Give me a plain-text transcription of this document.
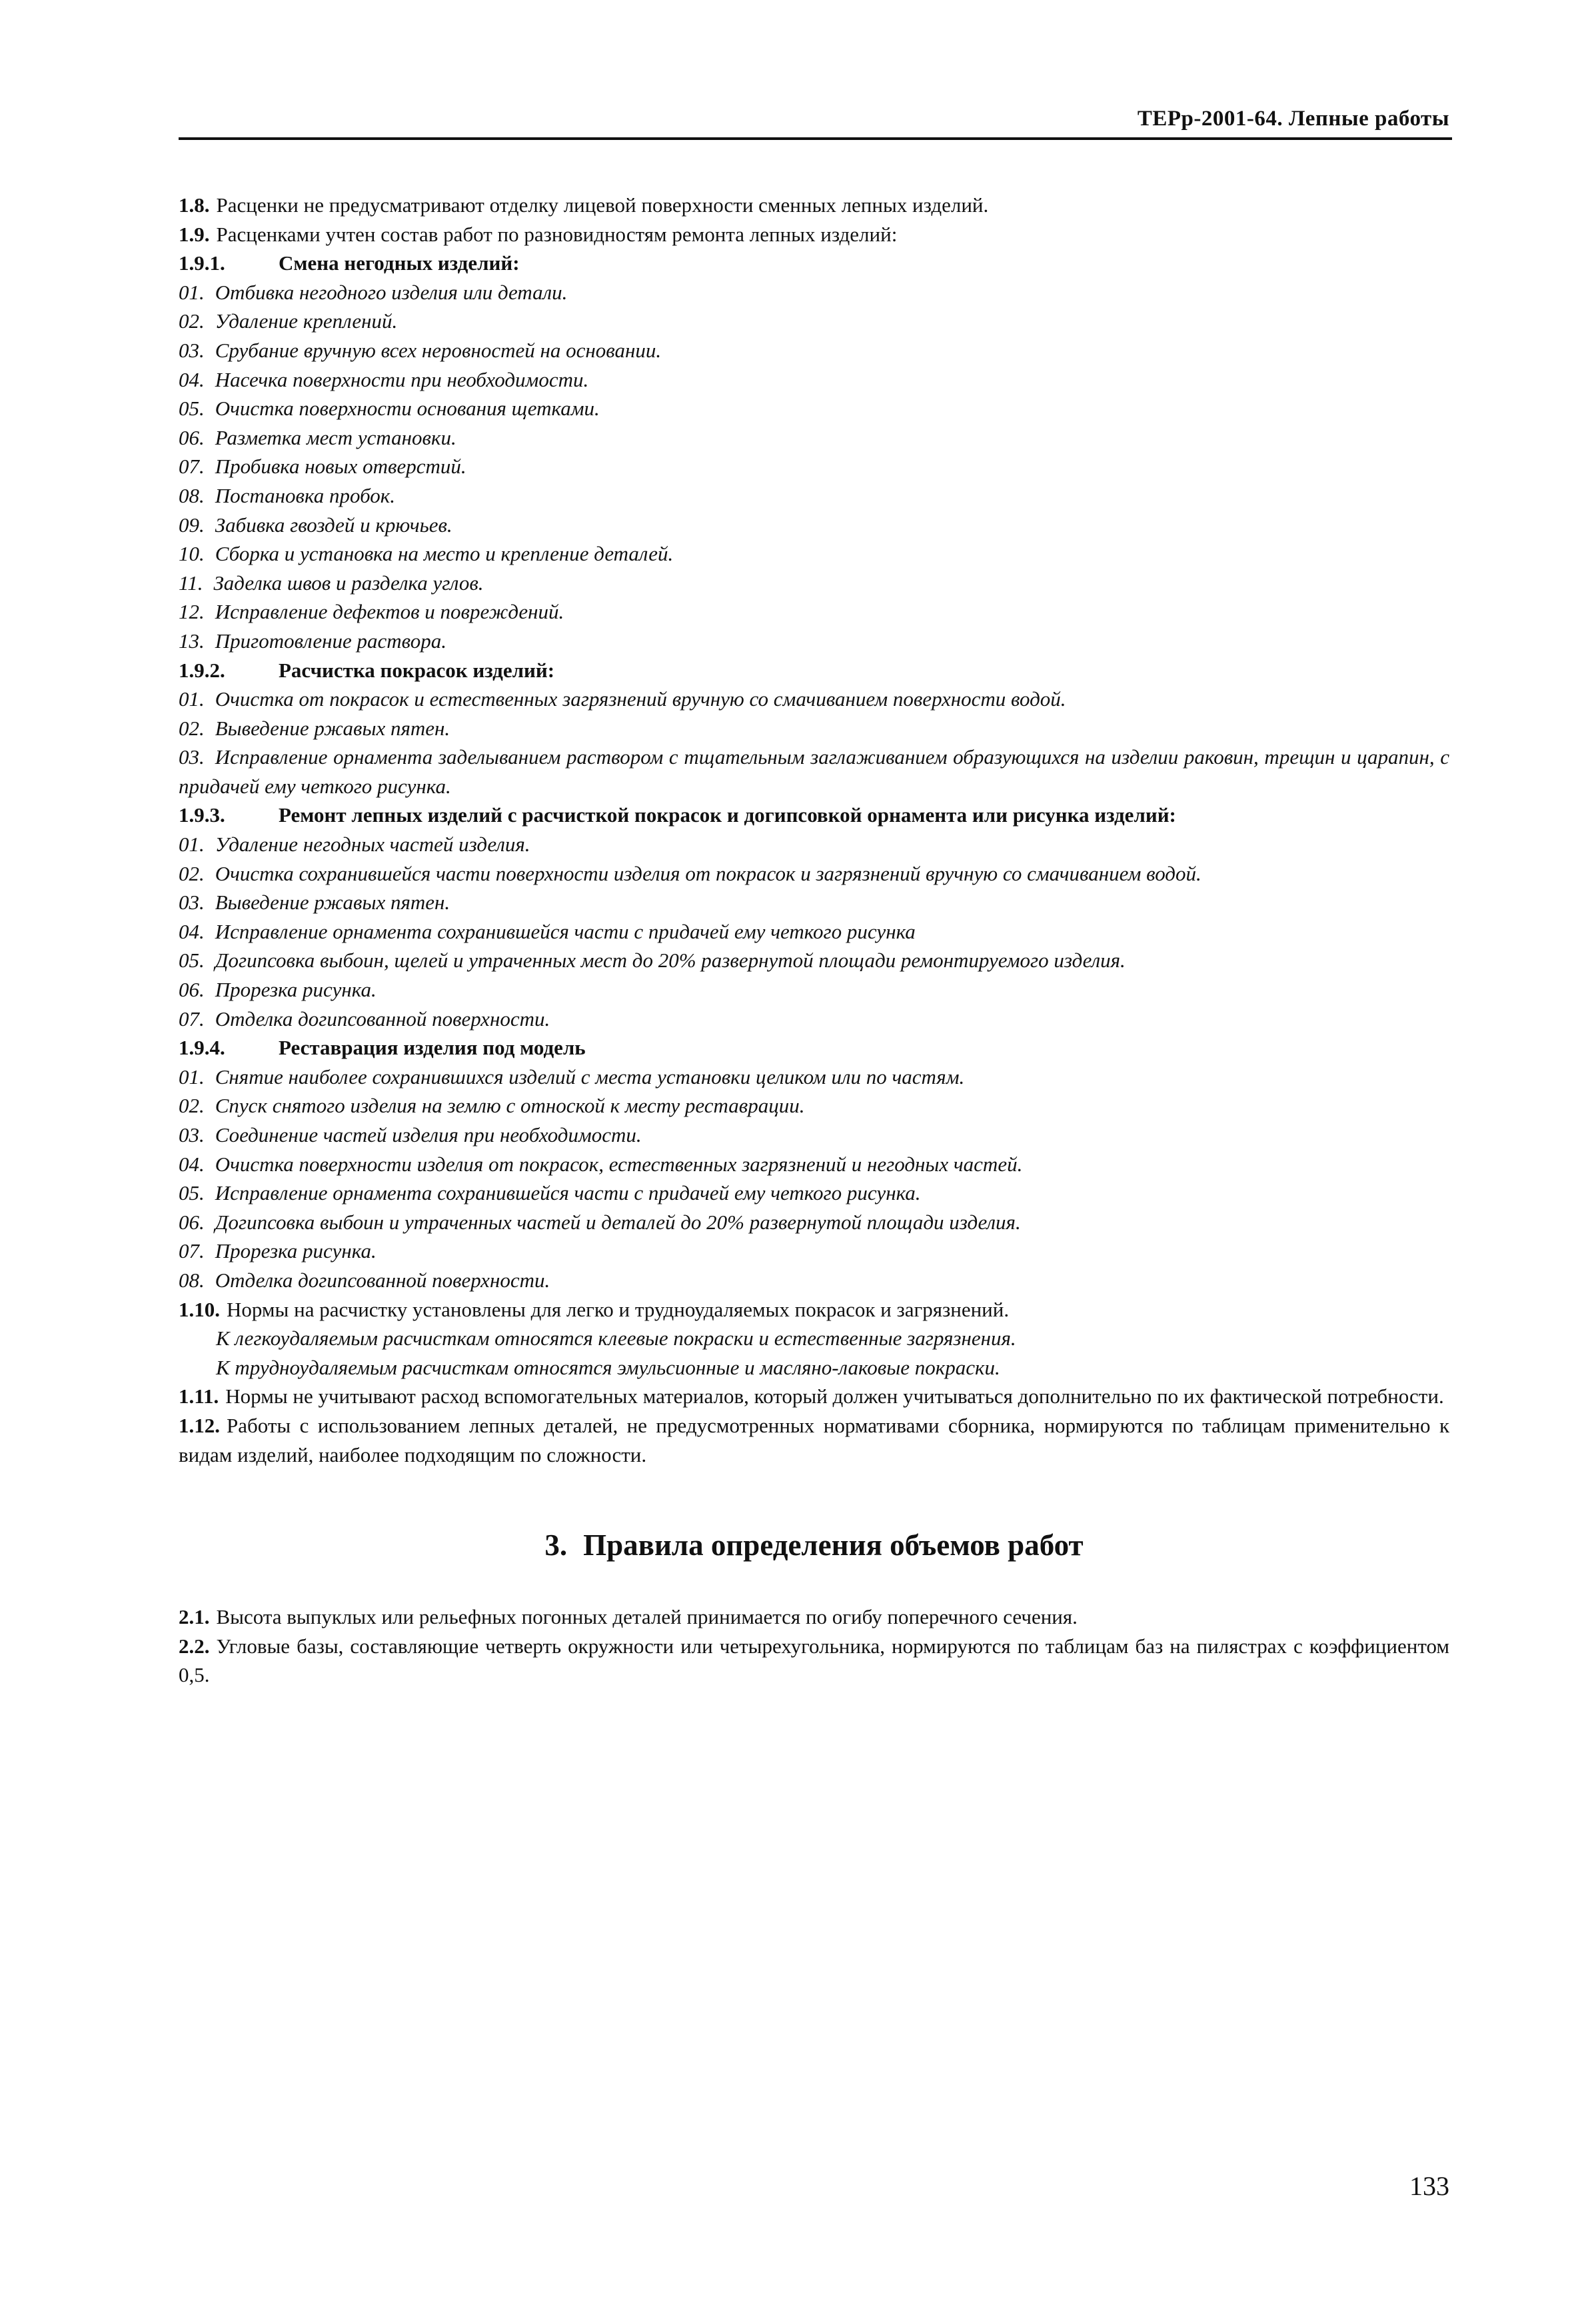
ТЕРр-2001-64. Лепные работы

1.8. Расценки не предусматривают отделку лицевой поверхности сменных лепных изделий.

1.9. Расценками учтен состав работ по разновидностям ремонта лепных изделий:

1.9.1.	Смена негодных изделий:

01. Отбивка негодного изделия или детали.

02. Удаление креплений.

03. Срубание вручную всех неровностей на основании.

04. Насечка поверхности при необходимости.

05. Очистка поверхности основания щетками.

06. Разметка мест установки.

07. Пробивка новых отверстий.

08. Постановка пробок.

09. Забивка гвоздей и крючьев.

10. Сборка и установка на место и крепление деталей.

11. Заделка швов и разделка углов.

12. Исправление дефектов и повреждений.

13. Приготовление раствора.

1.9.2.	Расчистка покрасок изделий:

01. Очистка от покрасок и естественных загрязнений вручную со смачиванием поверхности водой.

02. Выведение ржавых пятен.

03. Исправление орнамента заделыванием раствором с тщательным заглаживанием образующихся на изделии раковин, трещин и царапин, с придачей ему четкого рисунка.

1.9.3.	Ремонт лепных изделий с расчисткой покрасок и догипсовкой орнамента или рисунка изделий:

01. Удаление негодных частей изделия.

02. Очистка сохранившейся части поверхности изделия от покрасок и загрязнений вручную со смачиванием водой.

03. Выведение ржавых пятен.

04. Исправление орнамента сохранившейся части с придачей ему четкого рисунка

05. Догипсовка выбоин, щелей и утраченных мест до 20% развернутой площади ремонтируемого изделия.

06. Прорезка рисунка.

07. Отделка догипсованной поверхности.

1.9.4.	Реставрация изделия под модель

01. Снятие наиболее сохранившихся изделий с места установки целиком или по частям.

02. Спуск снятого изделия на землю с отноской к месту реставрации.

03. Соединение частей изделия при необходимости.

04. Очистка поверхности изделия от покрасок, естественных загрязнений и негодных частей.

05. Исправление орнамента сохранившейся части с придачей ему четкого рисунка.

06. Догипсовка выбоин и утраченных частей и деталей до 20% развернутой площади изделия.

07. Прорезка рисунка.

08. Отделка догипсованной поверхности.

1.10. Нормы на расчистку установлены для легко и трудноудаляемых покрасок и загрязнений.

К легкоудаляемым расчисткам относятся клеевые покраски и естественные загрязнения.

К трудноудаляемым расчисткам относятся эмульсионные и масляно-лаковые покраски.

1.11. Нормы не учитывают расход вспомогательных материалов, который должен учитываться дополнительно по их фактической потребности.

1.12. Работы с использованием лепных деталей, не предусмотренных нормативами сборника, нормируются по таблицам применительно к видам изделий, наиболее подходящим по сложности.

3. Правила определения объемов работ

2.1. Высота выпуклых или рельефных погонных деталей принимается по огибу поперечного сечения.

2.2. Угловые базы, составляющие четверть окружности или четырехугольника, нормируются по таблицам баз на пилястрах с коэффициентом 0,5.

133
